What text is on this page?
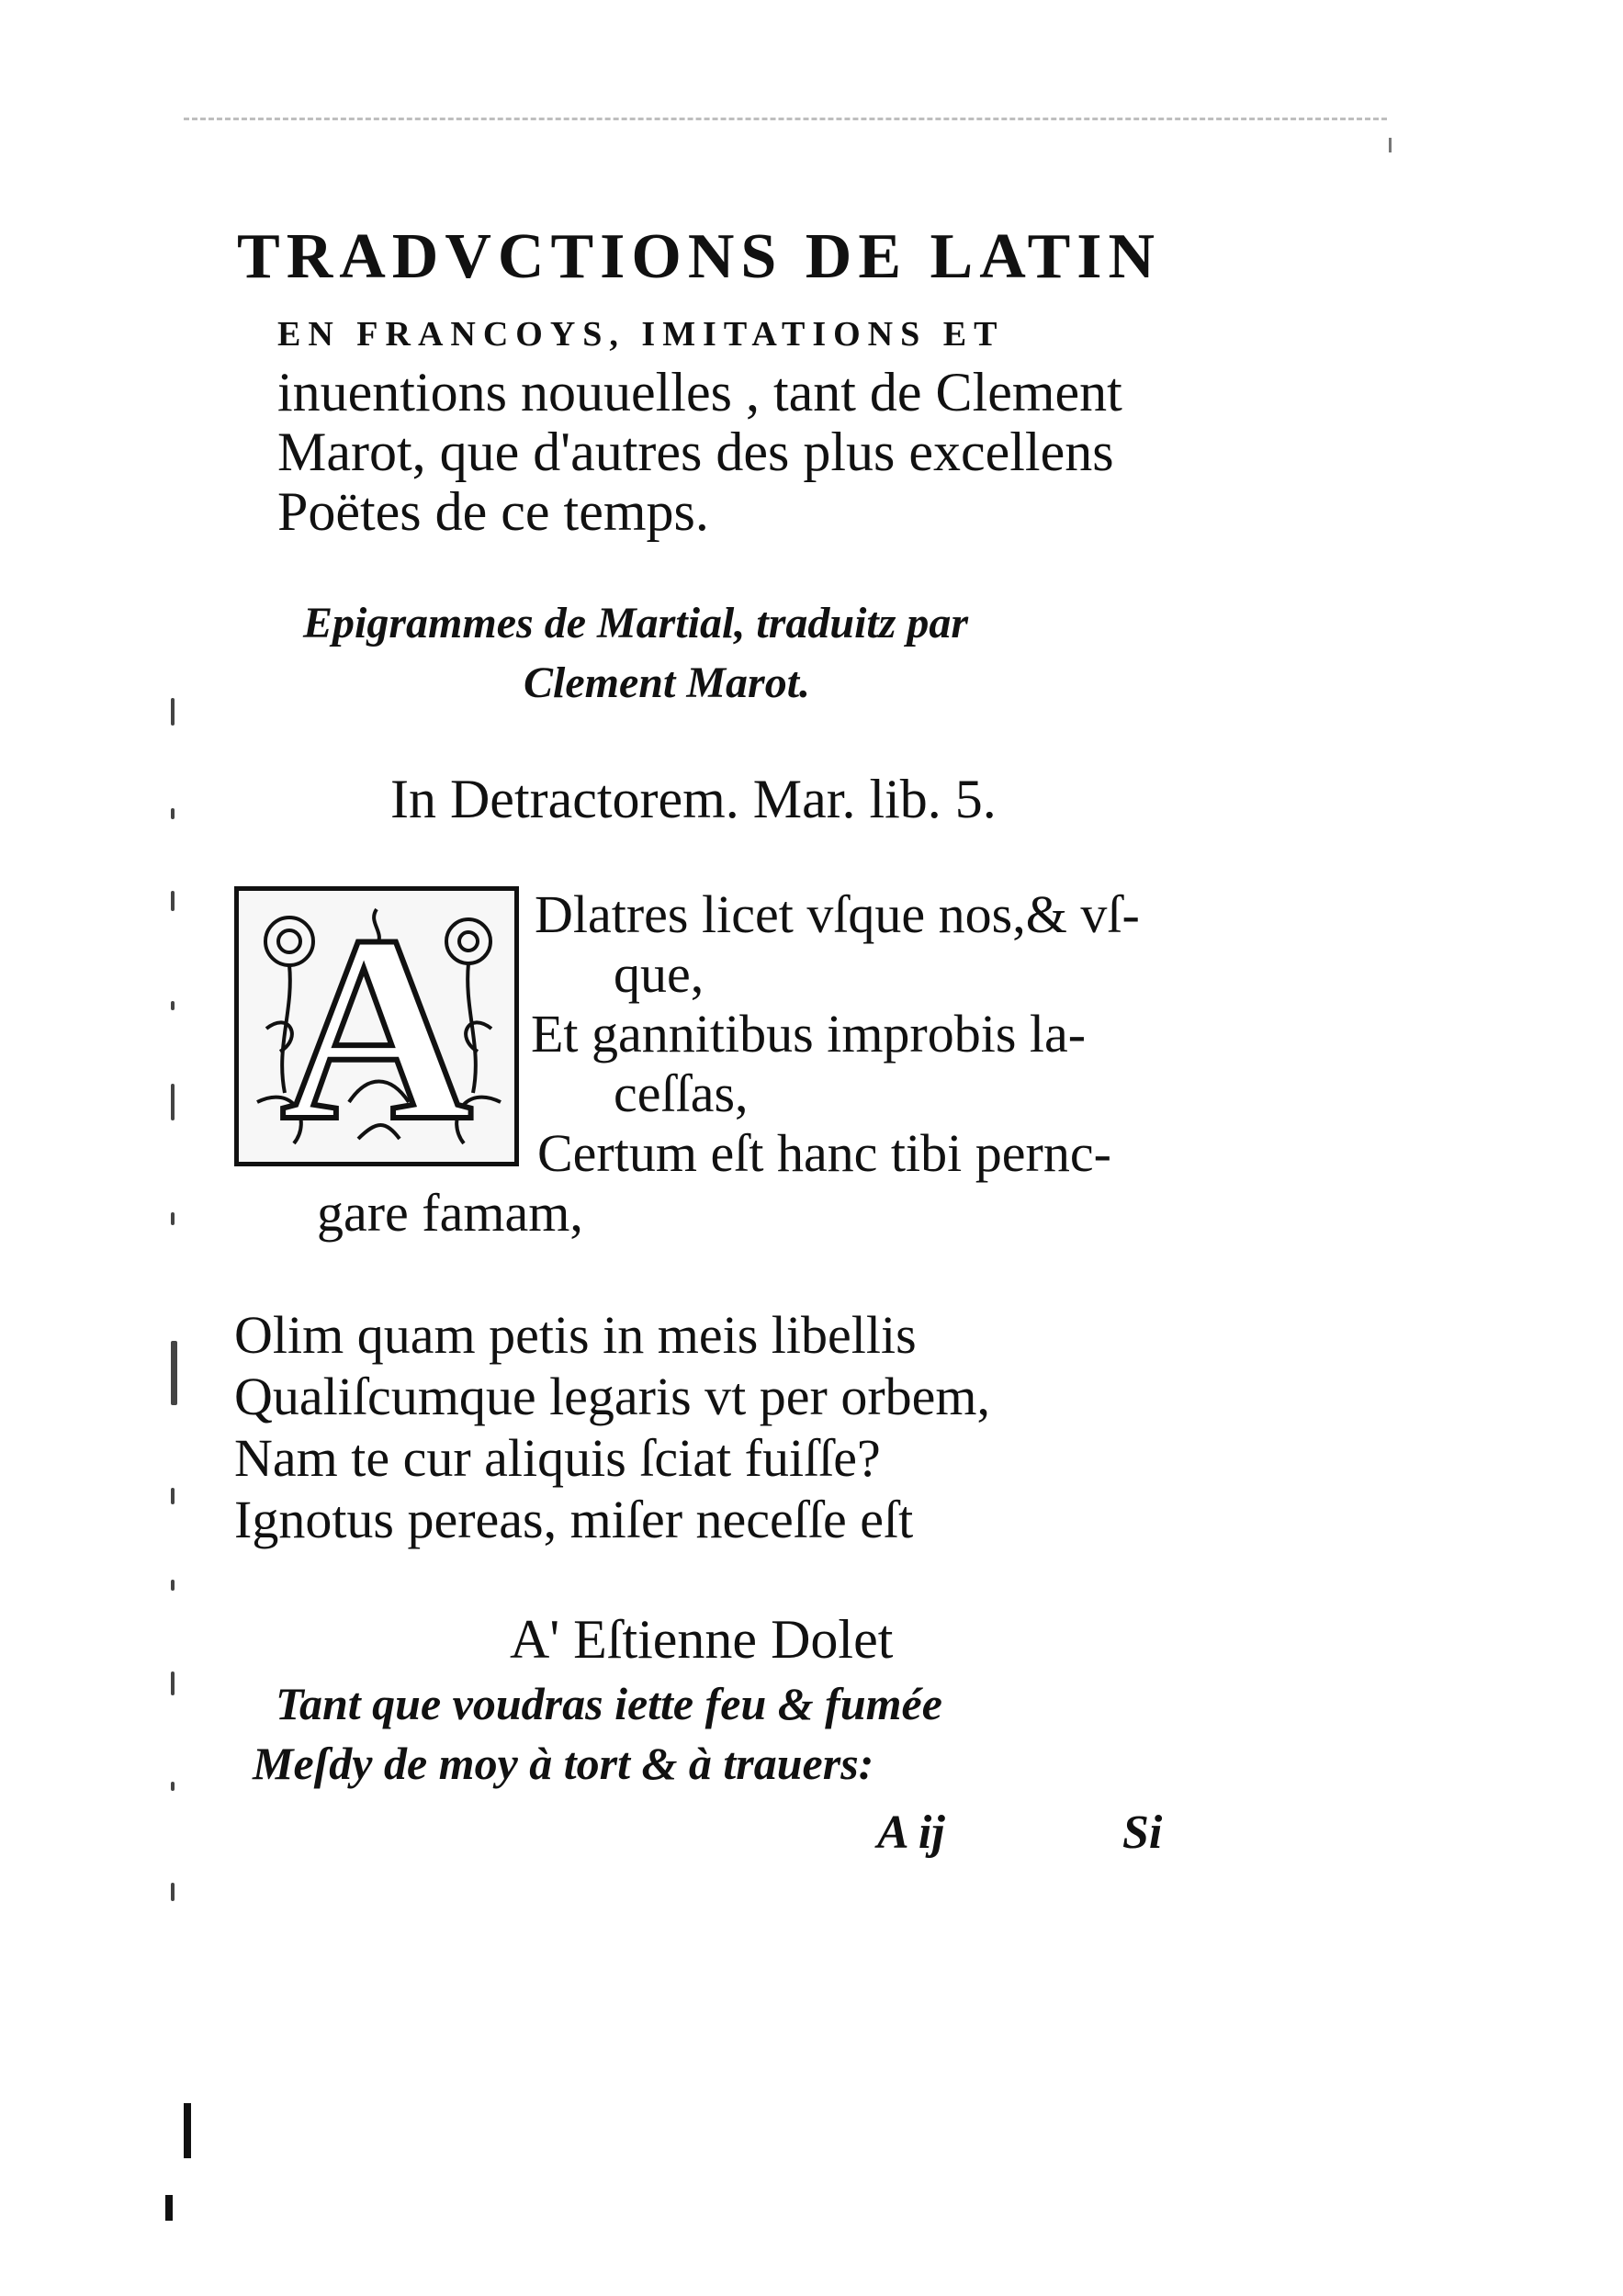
TRADVCTIONS DE LATIN
EN FRANCOYS, IMITATIONS ET

inuentions nouuelles , tant de Clement

Marot, que d'autres des plus excellens

Poëtes de ce temps.

Epigrammes de Martial, traduitz par

Clement Marot.

In Detractorem. Mar. lib. 5.

A	Dlatres licet vſque nos,& vſ-

que,

Et gannitibus improbis la-

ceſſas,

Certum eſt hanc tibi pernc-

gare famam,

Olim quam petis in meis libellis

Qualiſcumque legaris vt per orbem,

Nam te cur aliquis ſciat fuiſſe?

Ignotus pereas, miſer neceſſe eſt

A' Eſtienne Dolet

Tant que voudras iette feu & fumée

Meſdy de moy à tort & à trauers:

A ij	Si
